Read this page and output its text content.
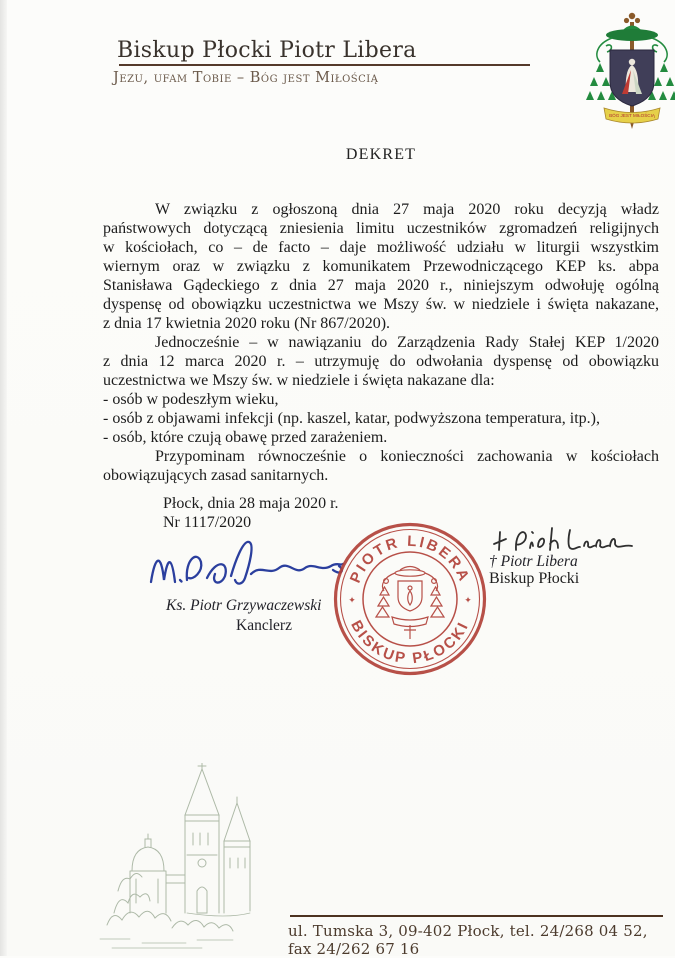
Biskup Płocki Piotr Libera
Jezu, ufam Tobie – Bóg jest Miłością
BÓG JEST MIŁOŚCIĄ
DEKRET
W związku z ogłoszoną dnia 27 maja 2020 roku decyzją władz
państwowych dotyczącą zniesienia limitu uczestników zgromadzeń religijnych
w kościołach, co – de facto – daje możliwość udziału w liturgii wszystkim
wiernym oraz w związku z komunikatem Przewodniczącego KEP ks. abpa
Stanisława Gądeckiego z dnia 27 maja 2020 r., niniejszym odwołuję ogólną
dyspensę od obowiązku uczestnictwa we Mszy św. w niedziele i święta nakazane,
z dnia 17 kwietnia 2020 roku (Nr 867/2020).
Jednocześnie – w nawiązaniu do Zarządzenia Rady Stałej KEP 1/2020
z dnia 12 marca 2020 r. – utrzymuję do odwołania dyspensę od obowiązku
uczestnictwa we Mszy św. w niedziele i święta nakazane dla:
- osób w podeszłym wieku,
- osób z objawami infekcji (np. kaszel, katar, podwyższona temperatura, itp.),
- osób, które czują obawę przed zarażeniem.
Przypominam równocześnie o konieczności zachowania w kościołach
obowiązujących zasad sanitarnych.
Płock, dnia 28 maja 2020 r.
Nr 1117/2020
Ks. Piotr Grzywaczewski
Kanclerz
PIOTR LIBERA
BISKUP PŁOCKI
✦	✦
† Piotr Libera
Biskup Płocki
ul. Tumska 3, 09-402 Płock, tel. 24/268 04 52, fax 24/262 67 16
